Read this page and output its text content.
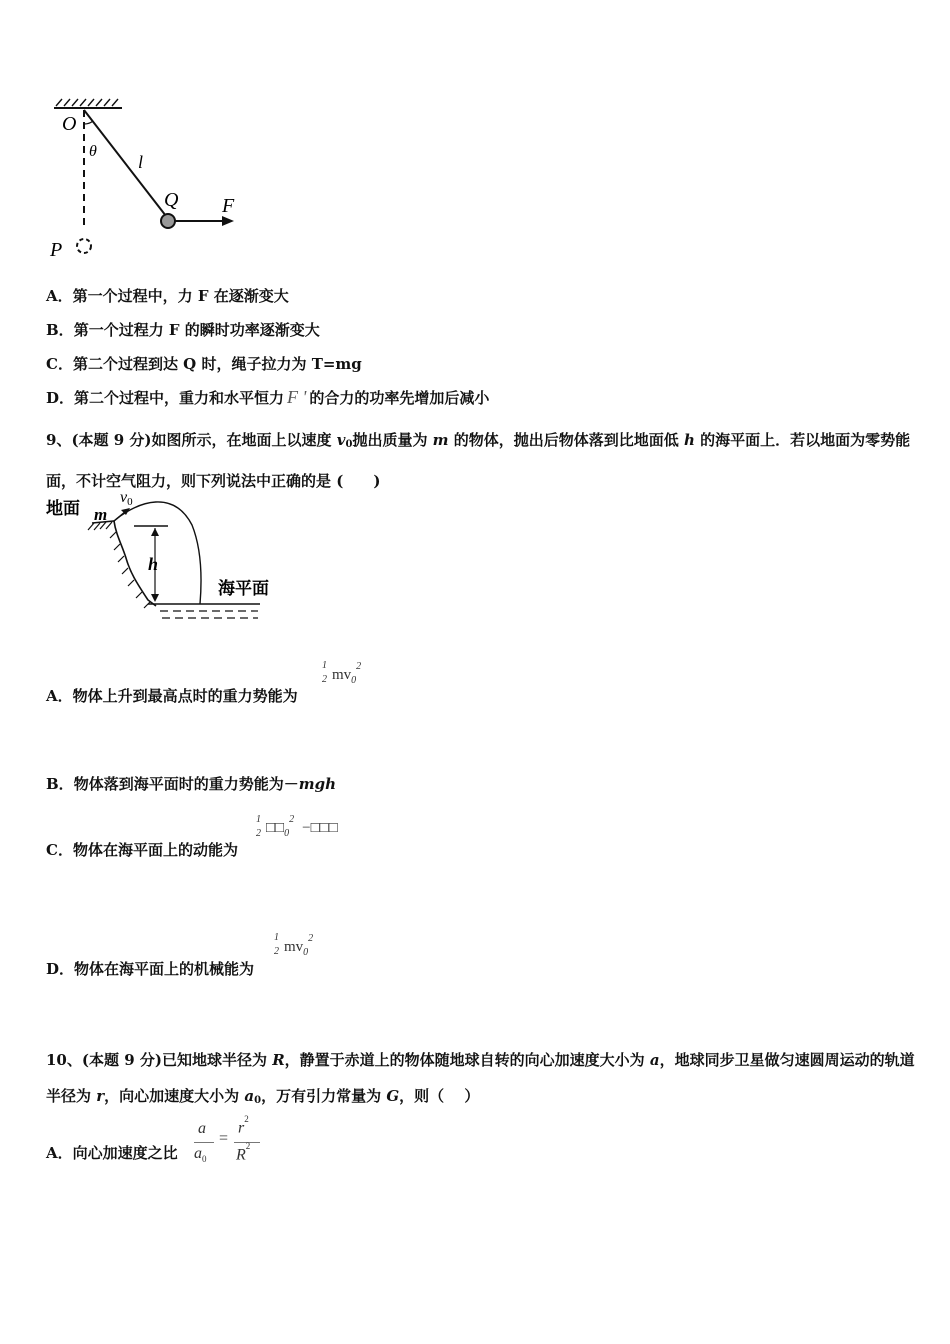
O
θ
l
Q F
P
A．第一个过程中，力 F 在逐渐变大
B．第一个过程力 F 的瞬时功率逐渐变大
C．第二个过程到达 Q 时，绳子拉力为 T=mg
D．第二个过程中，重力和水平恒力 F ' 的合力的功率先增加后减小
9、(本题 9 分)如图所示，在地面上以速度 $v_0$抛出质量为 m 的物体，抛出后物体落到比地面低 h 的海平面上．若以地面为零势能面，不计空气阻力，则下列说法中正确的是 (　　)
地面 m
v0
h
海平面
A．物体上升到最高点时的重力势能为
1
2 $mv_0^2$
B．物体落到海平面时的重力势能为－mgh
C．物体在海平面上的动能为
1
2 $□□_0^2-□□□$
D．物体在海平面上的机械能为
1
2 $mv_0^2$
10、(本题 9 分)已知地球半径为 R，静置于赤道上的物体随地球自转的向心加速度大小为 a，地球同步卫星做匀速圆周运动的轨道半径为 r，向心加速度大小为 $a_0$，万有引力常量为 G，则（　 ）
A．向心加速度之比
a
$a_0$
=
$r^2$
$R^2$
